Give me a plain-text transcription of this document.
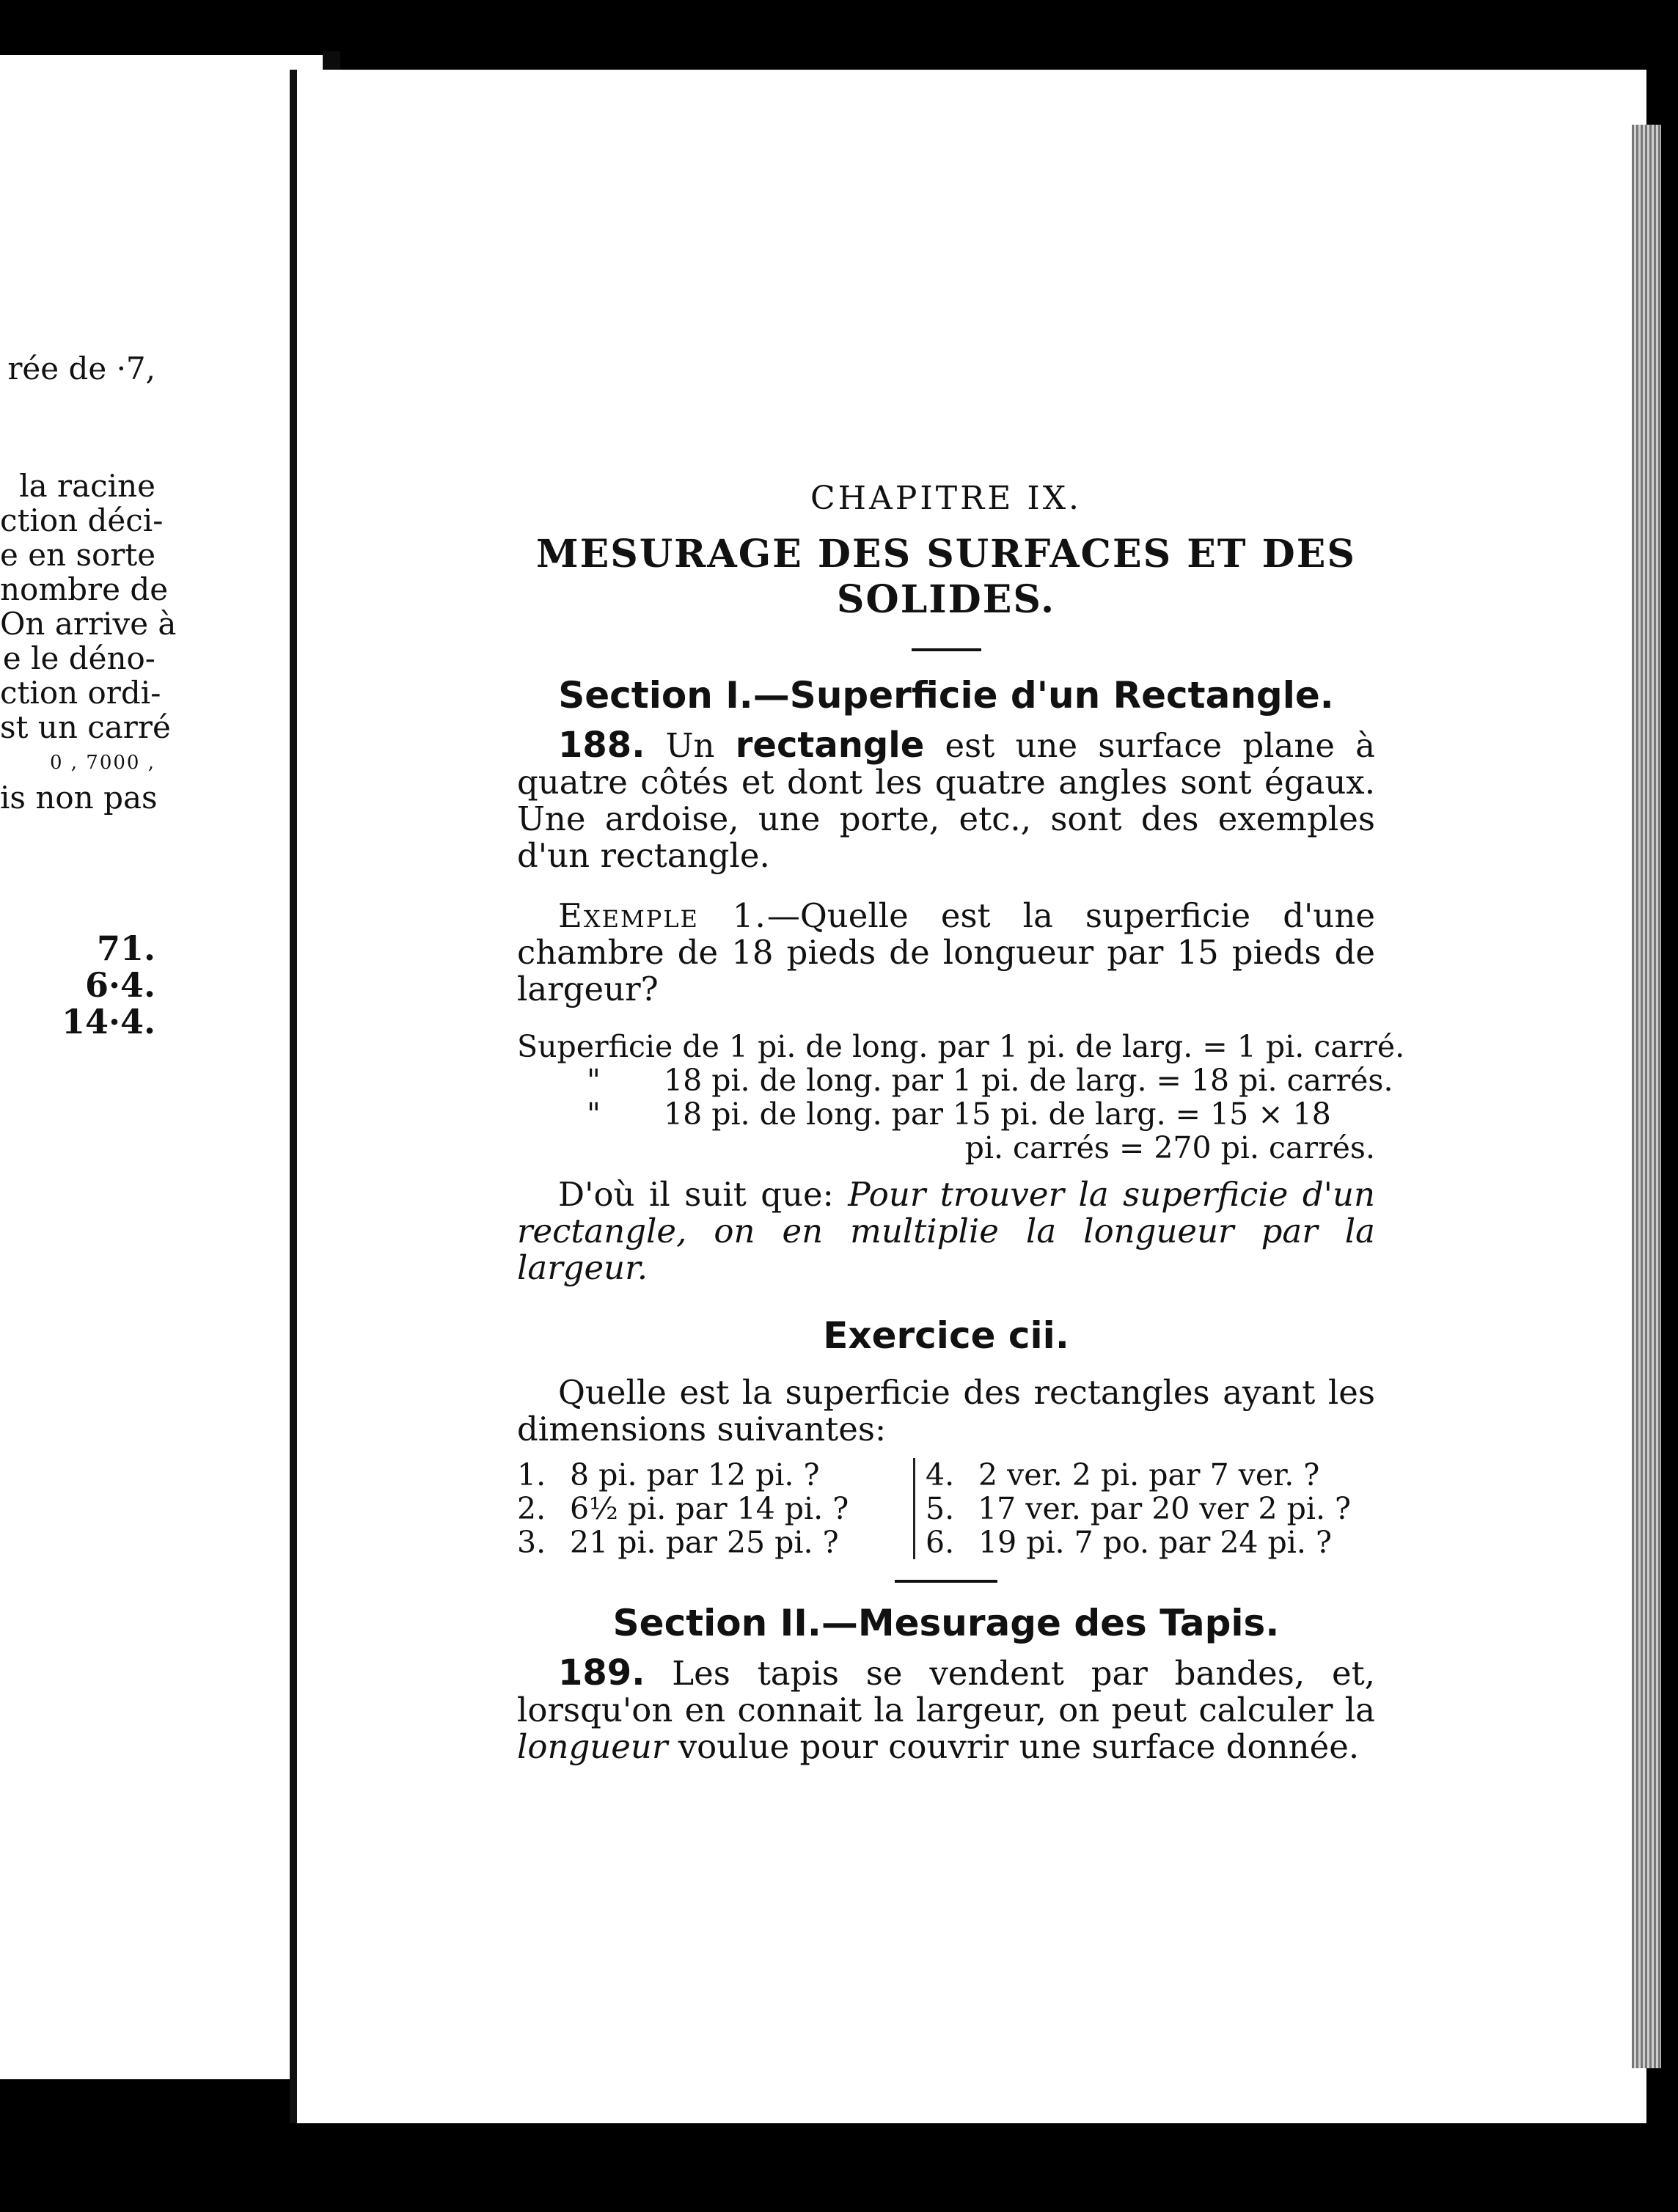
rée de ·7,
la racine
ction déci-
e en sorte
nombre de
On arrive à
e le déno-
ction ordi-
st un carré
0 , 7000 ,
is non pas
71.
6·4.
14·4.
CHAPITRE IX.
MESURAGE DES SURFACES ET DES
SOLIDES.
Section I.—Superficie d'un Rectangle.

188. Un rectangle est une surface plane à quatre côtés et dont les quatre angles sont égaux. Une ardoise, une porte, etc., sont des exemples d'un rectangle.

Exemple 1.—Quelle est la superficie d'une chambre de 18 pieds de longueur par 15 pieds de largeur?

Superficie de 1 pi. de long. par 1 pi. de larg. = 1 pi. carré.
" 18 pi. de long. par 1 pi. de larg. = 18 pi. carrés.
" 18 pi. de long. par 15 pi. de larg. = 15 × 18
pi. carrés = 270 pi. carrés.

D'où il suit que: Pour trouver la superficie d'un rectangle, on en multiplie la longueur par la largeur.

Exercice cii.

Quelle est la superficie des rectangles ayant les dimensions suivantes:

1. 8 pi. par 12 pi. ?
2. 6½ pi. par 14 pi. ?
3. 21 pi. par 25 pi. ?
4. 2 ver. 2 pi. par 7 ver. ?
5. 17 ver. par 20 ver 2 pi. ?
6. 19 pi. 7 po. par 24 pi. ?
Section II.—Mesurage des Tapis.

189. Les tapis se vendent par bandes, et, lorsqu'on en connait la largeur, on peut calculer la longueur voulue pour couvrir une surface donnée.
